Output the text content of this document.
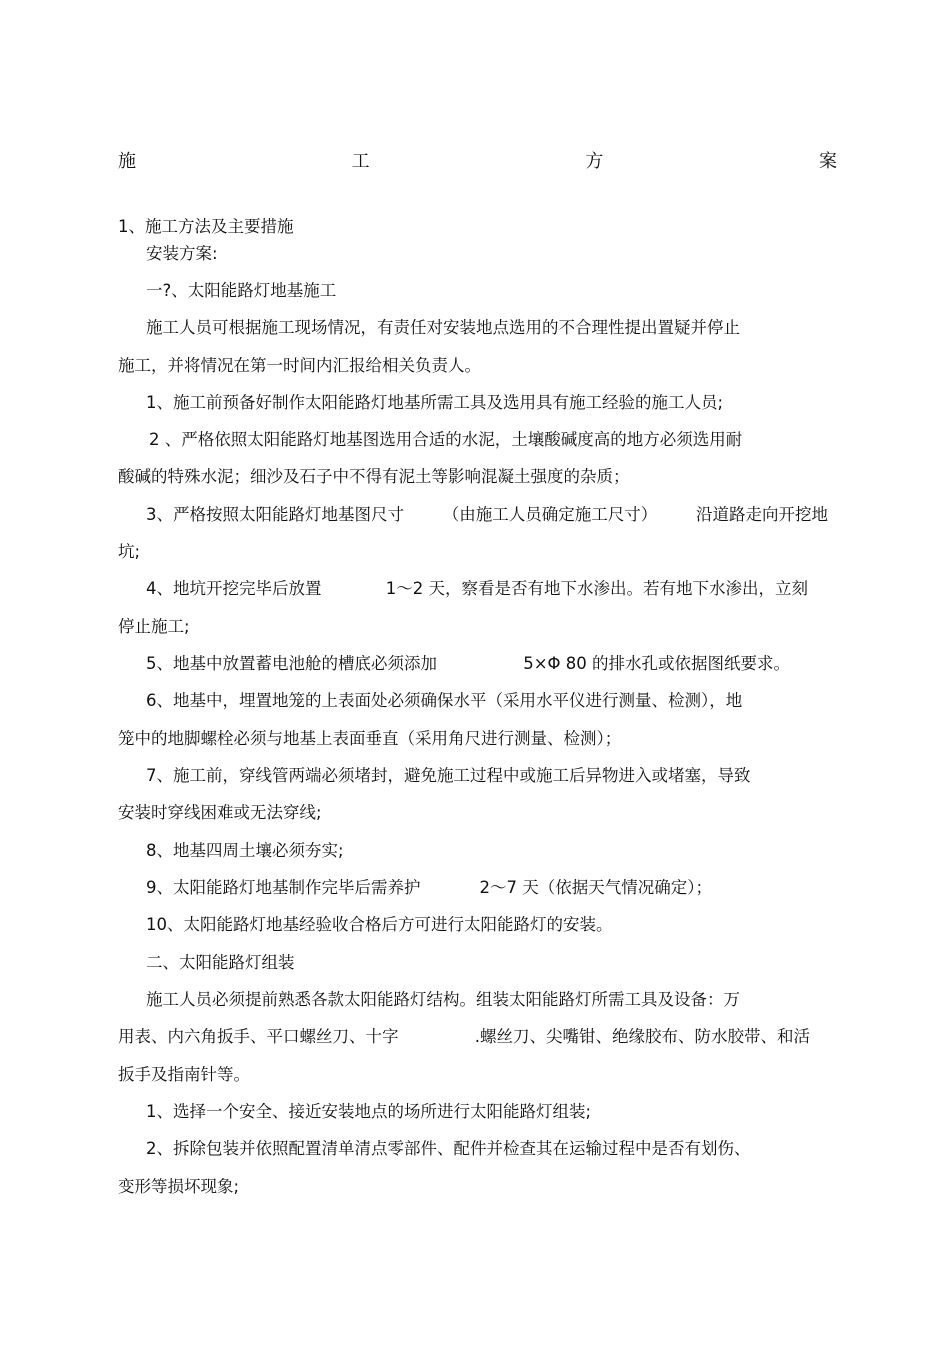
施	工	方	案
1、施工方法及主要措施
安装方案:
一?、太阳能路灯地基施工
施工人员可根据施工现场情况，有责任对安装地点选用的不合理性提出置疑并停止
施工，并将情况在第一时间内汇报给相关负责人。
1、施工前预备好制作太阳能路灯地基所需工具及选用具有施工经验的施工人员;
2 、严格依照太阳能路灯地基图选用合适的水泥，土壤酸碱度高的地方必须选用耐
酸碱的特殊水泥；细沙及石子中不得有泥土等影响混凝土强度的杂质；
3、严格按照太阳能路灯地基图尺寸 （由施工人员确定施工尺寸） 沿道路走向开挖地
坑;
4、地坑开挖完毕后放置	1～2 天，察看是否有地下水渗出。若有地下水渗出，立刻
停止施工;
5、地基中放置蓄电池舱的槽底必须添加	5×Φ 80 的排水孔或依据图纸要求。
6、地基中，埋置地笼的上表面处必须确保水平（采用水平仪进行测量、检测），地
笼中的地脚螺栓必须与地基上表面垂直（采用角尺进行测量、检测）；
7、施工前，穿线管两端必须堵封，避免施工过程中或施工后异物进入或堵塞，导致
安装时穿线困难或无法穿线;
8、地基四周土壤必须夯实;
9、太阳能路灯地基制作完毕后需养护	2～7 天（依据天气情况确定）；
10、太阳能路灯地基经验收合格后方可进行太阳能路灯的安装。
二、太阳能路灯组装
施工人员必须提前熟悉各款太阳能路灯结构。组装太阳能路灯所需工具及设备：万
用表、内六角扳手、平口螺丝刀、十字	.螺丝刀、尖嘴钳、绝缘胶布、防水胶带、和活
扳手及指南针等。
1、选择一个安全、接近安装地点的场所进行太阳能路灯组装;
2、拆除包装并依照配置清单清点零部件、配件并检查其在运输过程中是否有划伤、
变形等损坏现象;
